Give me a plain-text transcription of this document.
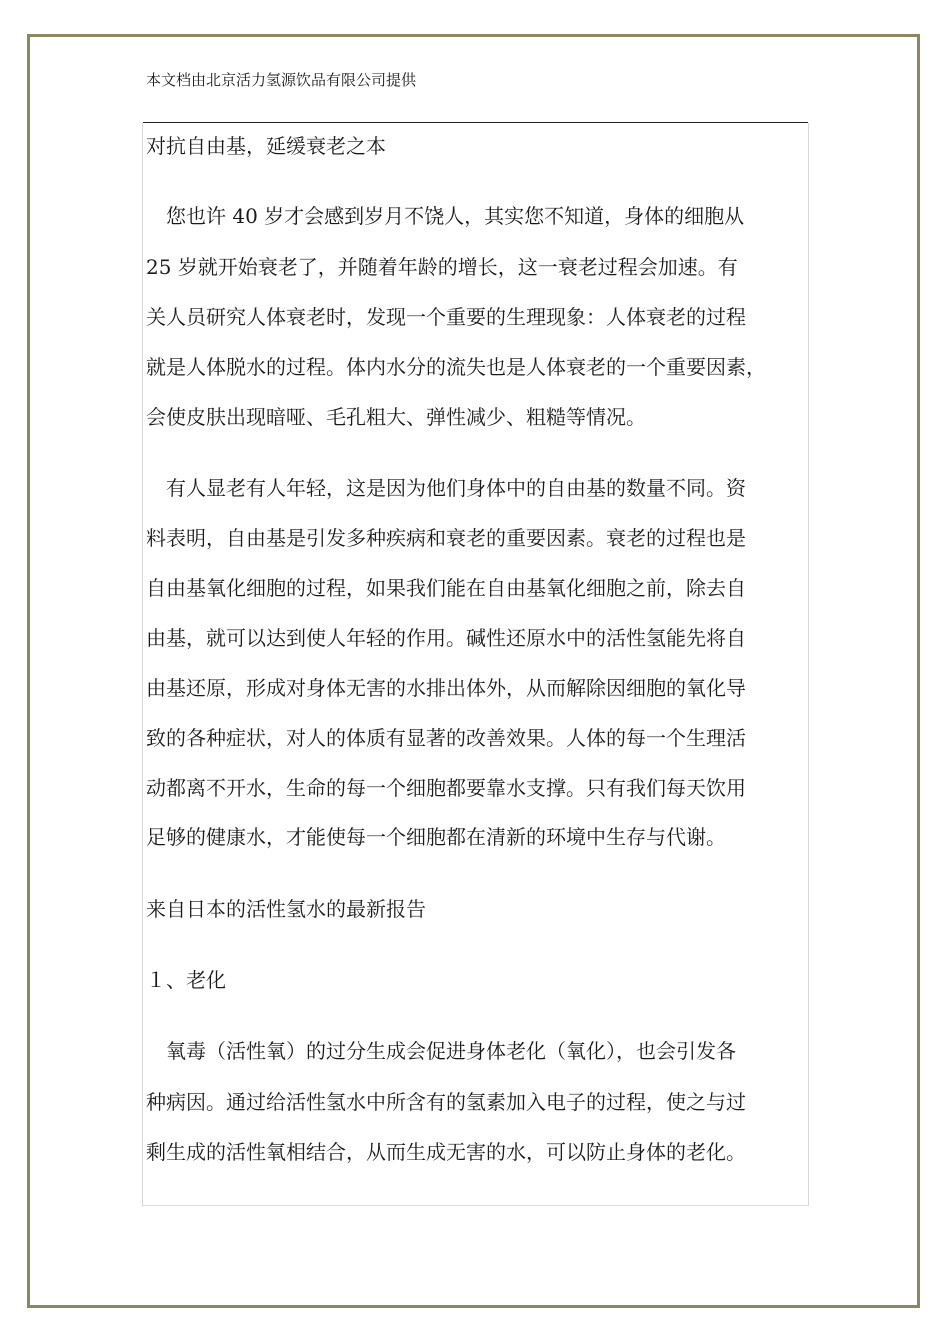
本文档由北京活力氢源饮品有限公司提供
对抗自由基，延缓衰老之本
您也许 40 岁才会感到岁月不饶人，其实您不知道，身体的细胞从
25 岁就开始衰老了，并随着年龄的增长，这一衰老过程会加速。有
关人员研究人体衰老时，发现一个重要的生理现象：人体衰老的过程
就是人体脱水的过程。体内水分的流失也是人体衰老的一个重要因素，
会使皮肤出现暗哑、毛孔粗大、弹性减少、粗糙等情况。
有人显老有人年轻，这是因为他们身体中的自由基的数量不同。资
料表明，自由基是引发多种疾病和衰老的重要因素。衰老的过程也是
自由基氧化细胞的过程，如果我们能在自由基氧化细胞之前，除去自
由基，就可以达到使人年轻的作用。碱性还原水中的活性氢能先将自
由基还原，形成对身体无害的水排出体外，从而解除因细胞的氧化导
致的各种症状，对人的体质有显著的改善效果。人体的每一个生理活
动都离不开水，生命的每一个细胞都要靠水支撑。只有我们每天饮用
足够的健康水，才能使每一个细胞都在清新的环境中生存与代谢。
来自日本的活性氢水的最新报告
１、老化
氧毒（活性氧）的过分生成会促进身体老化（氧化），也会引发各
种病因。通过给活性氢水中所含有的氢素加入电子的过程，使之与过
剩生成的活性氧相结合，从而生成无害的水，可以防止身体的老化。
